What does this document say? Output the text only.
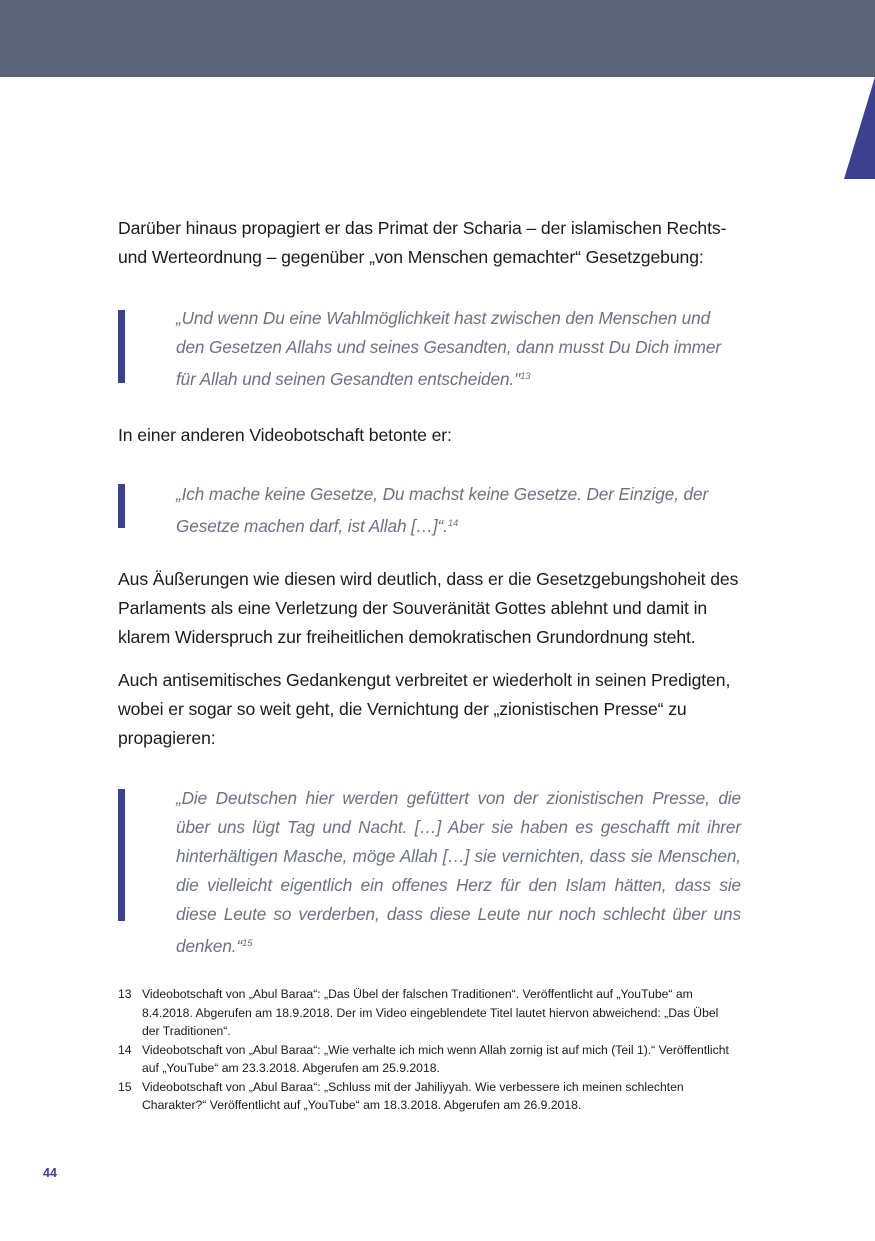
Darüber hinaus propagiert er das Primat der Scharia – der islamischen Rechts- und Werteordnung – gegenüber „von Menschen gemachter“ Gesetzgebung:

„Und wenn Du eine Wahlmöglichkeit hast zwischen den Menschen und den Gesetzen Allahs und seines Gesandten, dann musst Du Dich immer für Allah und seinen Gesandten entscheiden."$^{13}$

In einer anderen Videobotschaft betonte er:

„Ich mache keine Gesetze, Du machst keine Gesetze. Der Einzige, der Gesetze machen darf, ist Allah […]“.$^{14}$

Aus Äußerungen wie diesen wird deutlich, dass er die Gesetzgebungshoheit des Parlaments als eine Verletzung der Souveränität Gottes ablehnt und damit in klarem Widerspruch zur freiheitlichen demokratischen Grundordnung steht.

Auch antisemitisches Gedankengut verbreitet er wiederholt in seinen Predigten, wobei er sogar so weit geht, die Vernichtung der „zionistischen Presse“ zu propagieren:

„Die Deutschen hier werden gefüttert von der zionistischen Presse, die über uns lügt Tag und Nacht. […] Aber sie haben es geschafft mit ihrer hinterhältigen Masche, möge Allah […] sie vernichten, dass sie Menschen, die vielleicht eigentlich ein offenes Herz für den Islam hätten, dass sie diese Leute so verderben, dass diese Leute nur noch schlecht über uns denken.“$^{15}$

13 Videobotschaft von „Abul Baraa“: „Das Übel der falschen Traditionen“. Veröffentlicht auf „YouTube“ am 8.4.2018. Abgerufen am 18.9.2018. Der im Video eingeblendete Titel lautet hiervon abweichend: „Das Übel der Traditionen“.
14 Videobotschaft von „Abul Baraa“: „Wie verhalte ich mich wenn Allah zornig ist auf mich (Teil 1).“ Veröffentlicht auf „YouTube“ am 23.3.2018. Abgerufen am 25.9.2018.
15 Videobotschaft von „Abul Baraa“: „Schluss mit der Jahiliyyah. Wie verbessere ich meinen schlechten Charakter?“ Veröffentlicht auf „YouTube“ am 18.3.2018. Abgerufen am 26.9.2018.
44
